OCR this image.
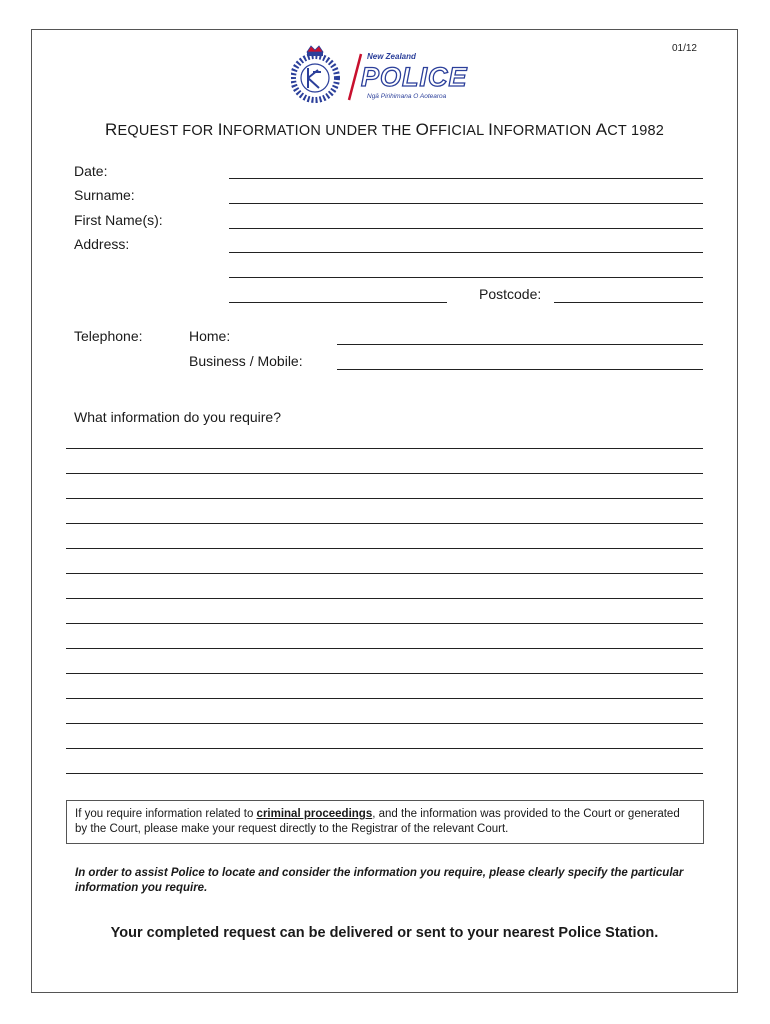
01/12
New Zealand
POLICE
Ngā Pirihimana O Aotearoa
REQUEST FOR INFORMATION UNDER THE OFFICIAL INFORMATION ACT 1982
Date:
Surname:
First Name(s):
Address:
Postcode:
Telephone:	Home:
Business / Mobile:
What information do you require?
If you require information related to criminal proceedings, and the information was provided to the Court or generated by the Court, please make your request directly to the Registrar of the relevant Court.
In order to assist Police to locate and consider the information you require, please clearly specify the particular information you require.
Your completed request can be delivered or sent to your nearest Police Station.
